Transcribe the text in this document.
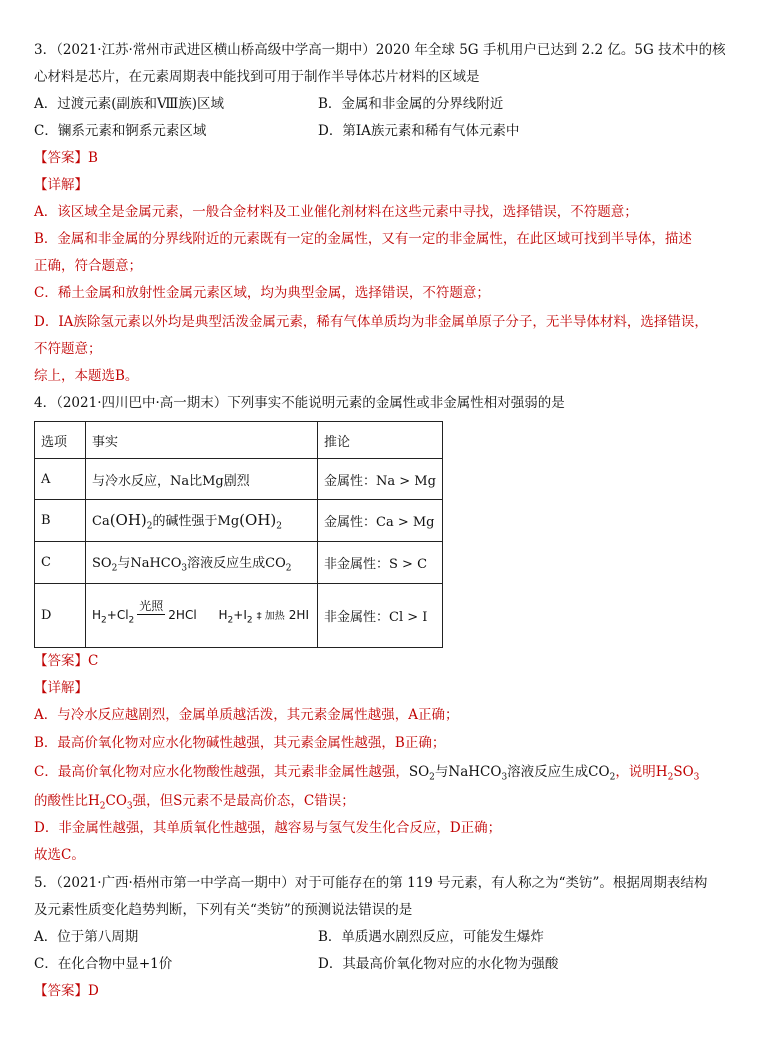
3．（2021·江苏·常州市武进区横山桥高级中学高一期中）2020 年全球 5G 手机用户已达到 2.2 亿。5G 技术中的核
心材料是芯片，在元素周期表中能找到可用于制作半导体芯片材料的区域是
A．过渡元素(副族和Ⅷ族)区域	B．金属和非金属的分界线附近
C．镧系元素和锕系元素区域	D．第ⅠA族元素和稀有气体元素中
【答案】B
【详解】
A．该区域全是金属元素，一般合金材料及工业催化剂材料在这些元素中寻找，选择错误，不符题意；
B．金属和非金属的分界线附近的元素既有一定的金属性，又有一定的非金属性，在此区域可找到半导体，描述
正确，符合题意；
C．稀土金属和放射性金属元素区域，均为典型金属，选择错误，不符题意；
D．IA族除氢元素以外均是典型活泼金属元素，稀有气体单质均为非金属单原子分子，无半导体材料，选择错误，
不符题意；
综上，本题选B。
4．（2021·四川巴中·高一期末）下列事实不能说明元素的金属性或非金属性相对强弱的是
选项	事实	推论
A	与冷水反应，Na比Mg剧烈	金属性：Na > Mg
B	$Ca(OH)_2$的碱性强于$Mg(OH)_2$	金属性：Ca > Mg
C	$SO_2$与NaHCO$_3$溶液反应生成$CO_2$	非金属性：S > C
D	$H_2+Cl_2$光照2HCl $H_2+I_2$ ‡ 加热 2HI	非金属性：Cl > I
【答案】C
【详解】
A．与冷水反应越剧烈，金属单质越活泼，其元素金属性越强，A正确；
B．最高价氧化物对应水化物碱性越强，其元素金属性越强，B正确；
C．最高价氧化物对应水化物酸性越强，其元素非金属性越强，$SO_2$与NaHCO$_3$溶液反应生成$CO_2$，说明$H_2SO_3$
的酸性比$H_2CO_3$强，但S元素不是最高价态，C错误；
D．非金属性越强，其单质氧化性越强，越容易与氢气发生化合反应，D正确；
故选C。
5．（2021·广西·梧州市第一中学高一期中）对于可能存在的第 119 号元素，有人称之为“类钫”。根据周期表结构
及元素性质变化趋势判断，下列有关“类钫”的预测说法错误的是
A．位于第八周期	B．单质遇水剧烈反应，可能发生爆炸
C．在化合物中显+1价	D．其最高价氧化物对应的水化物为强酸
【答案】D
